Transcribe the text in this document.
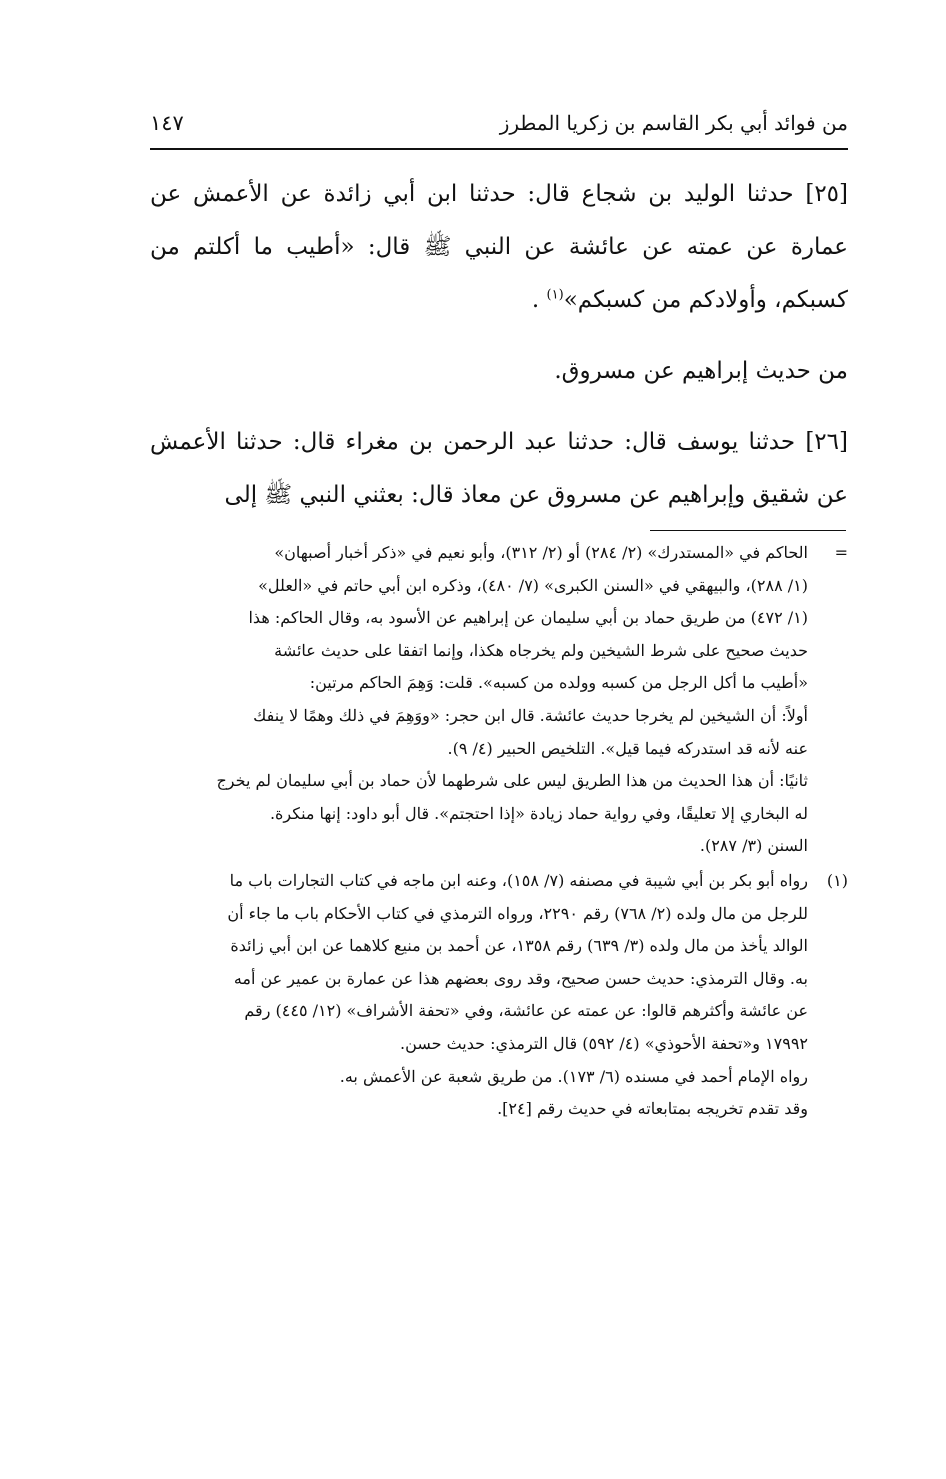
من فوائد أبي بكر القاسم بن زكريا المطرز
١٤٧

[٢٥] حدثنا الوليد بن شجاع قال: حدثنا ابن أبي زائدة عن الأعمش عن عمارة عن عمته عن عائشة عن النبي ﷺ قال: «أطيب ما أكلتم من كسبكم، وأولادكم من كسبكم»$^{(١)}$ .

من حديث إبراهيم عن مسروق.

[٢٦] حدثنا يوسف قال: حدثنا عبد الرحمن بن مغراء قال: حدثنا الأعمش عن شقيق وإبراهيم عن مسروق عن معاذ قال: بعثني النبي ﷺ إلى

=

الحاكم في «المستدرك» (٢/ ٢٨٤) أو (٢/ ٣١٢)، وأبو نعيم في «ذكر أخبار أصبهان»

(١/ ٢٨٨)، والبيهقي في «السنن الكبرى» (٧/ ٤٨٠)، وذكره ابن أبي حاتم في «العلل»

(١/ ٤٧٢) من طريق حماد بن أبي سليمان عن إبراهيم عن الأسود به، وقال الحاكم: هذا

حديث صحيح على شرط الشيخين ولم يخرجاه هكذا، وإنما اتفقا على حديث عائشة

«أطيب ما أكل الرجل من كسبه وولده من كسبه». قلت: وَهِمَ الحاكم مرتين:

أولاً: أن الشيخين لم يخرجا حديث عائشة. قال ابن حجر: «ووَهِمَ في ذلك وهمًا لا ينفك

عنه لأنه قد استدركه فيما قيل». التلخيص الحبير (٤/ ٩).

ثانيًا: أن هذا الحديث من هذا الطريق ليس على شرطهما لأن حماد بن أبي سليمان لم يخرج

له البخاري إلا تعليقًا، وفي رواية حماد زيادة «إذا احتجتم». قال أبو داود: إنها منكرة.

السنن (٣/ ٢٨٧).

(١)

رواه أبو بكر بن أبي شيبة في مصنفه (٧/ ١٥٨)، وعنه ابن ماجه في كتاب التجارات باب ما

للرجل من مال ولده (٢/ ٧٦٨) رقم ٢٢٩٠، ورواه الترمذي في كتاب الأحكام باب ما جاء أن

الوالد يأخذ من مال ولده (٣/ ٦٣٩) رقم ١٣٥٨، عن أحمد بن منيع كلاهما عن ابن أبي زائدة

به. وقال الترمذي: حديث حسن صحيح، وقد روى بعضهم هذا عن عمارة بن عمير عن أمه

عن عائشة وأكثرهم قالوا: عن عمته عن عائشة، وفي «تحفة الأشراف» (١٢/ ٤٤٥) رقم

١٧٩٩٢ و«تحفة الأحوذي» (٤/ ٥٩٢) قال الترمذي: حديث حسن.

رواه الإمام أحمد في مسنده (٦/ ١٧٣). من طريق شعبة عن الأعمش به.

وقد تقدم تخريجه بمتابعاته في حديث رقم [٢٤].
